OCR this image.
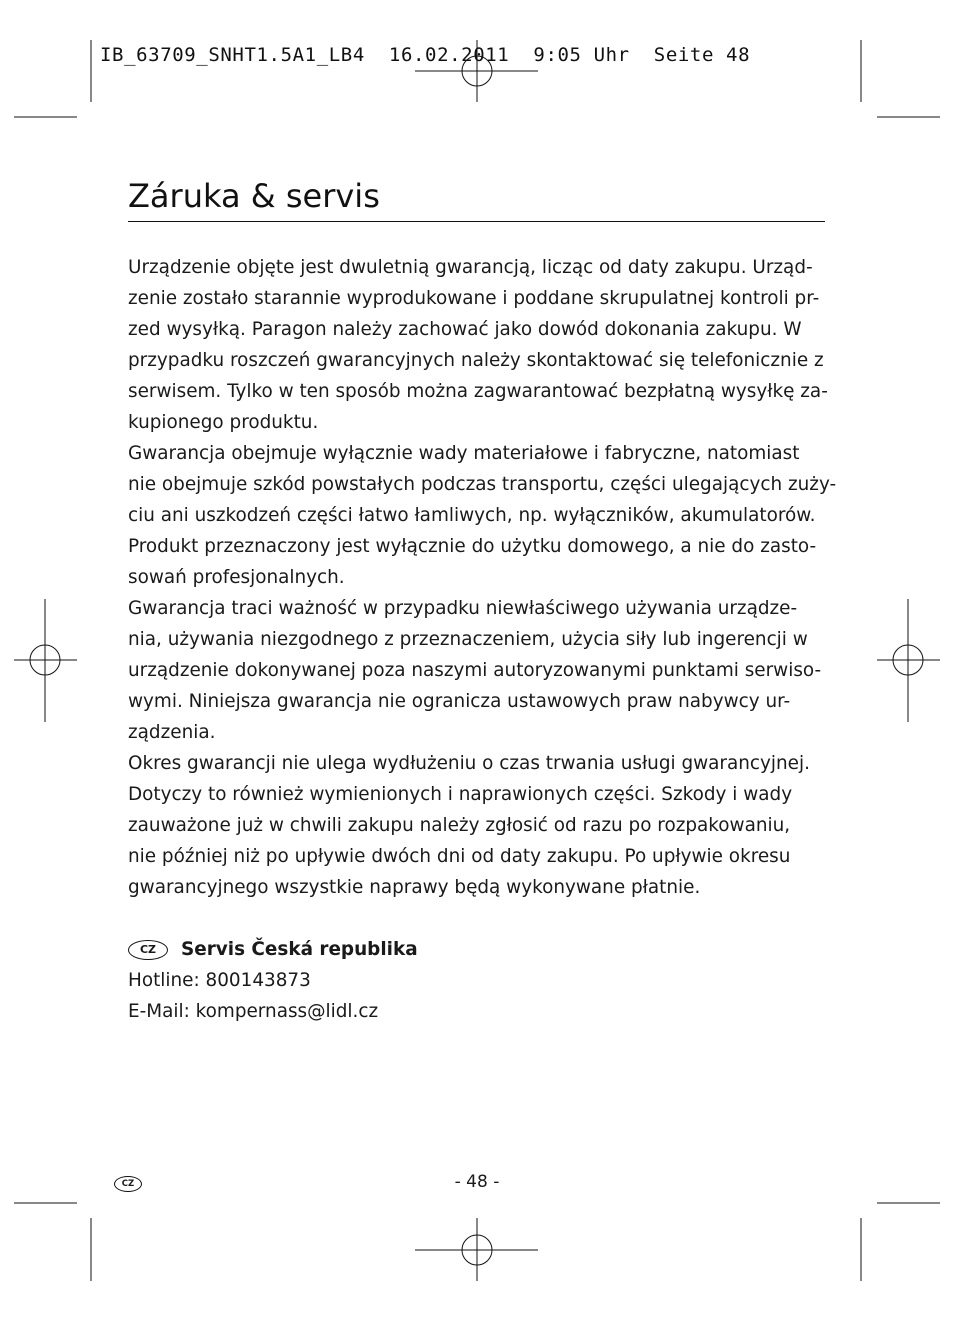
IB_63709_SNHT1.5A1_LB4  16.02.2011  9:05 Uhr  Seite 48
Záruka & servis
Urządzenie objęte jest dwuletnią gwarancją, licząc od daty zakupu. Urząd-
zenie zostało starannie wyprodukowane i poddane skrupulatnej kontroli pr-
zed wysyłką. Paragon należy zachować jako dowód dokonania zakupu. W
przypadku roszczeń gwarancyjnych należy skontaktować się telefonicznie z
serwisem. Tylko w ten sposób można zagwarantować bezpłatną wysyłkę za-
kupionego produktu.
Gwarancja obejmuje wyłącznie wady materiałowe i fabryczne, natomiast
nie obejmuje szkód powstałych podczas transportu, części ulegających zuży-
ciu ani uszkodzeń części łatwo łamliwych, np. wyłączników, akumulatorów.
Produkt przeznaczony jest wyłącznie do użytku domowego, a nie do zasto-
sowań profesjonalnych.
Gwarancja traci ważność w przypadku niewłaściwego używania urządze-
nia, używania niezgodnego z przeznaczeniem, użycia siły lub ingerencji w
urządzenie dokonywanej poza naszymi autoryzowanymi punktami serwiso-
wymi. Niniejsza gwarancja nie ogranicza ustawowych praw nabywcy ur-
ządzenia.
Okres gwarancji nie ulega wydłużeniu o czas trwania usługi gwarancyjnej.
Dotyczy to również wymienionych i naprawionych części. Szkody i wady
zauważone już w chwili zakupu należy zgłosić od razu po rozpakowaniu,
nie później niż po upływie dwóch dni od daty zakupu. Po upływie okresu
gwarancyjnego wszystkie naprawy będą wykonywane płatnie.
CZ	Servis Česká republika
Hotline: 800143873
E-Mail: kompernass@lidl.cz
CZ	- 48 -
